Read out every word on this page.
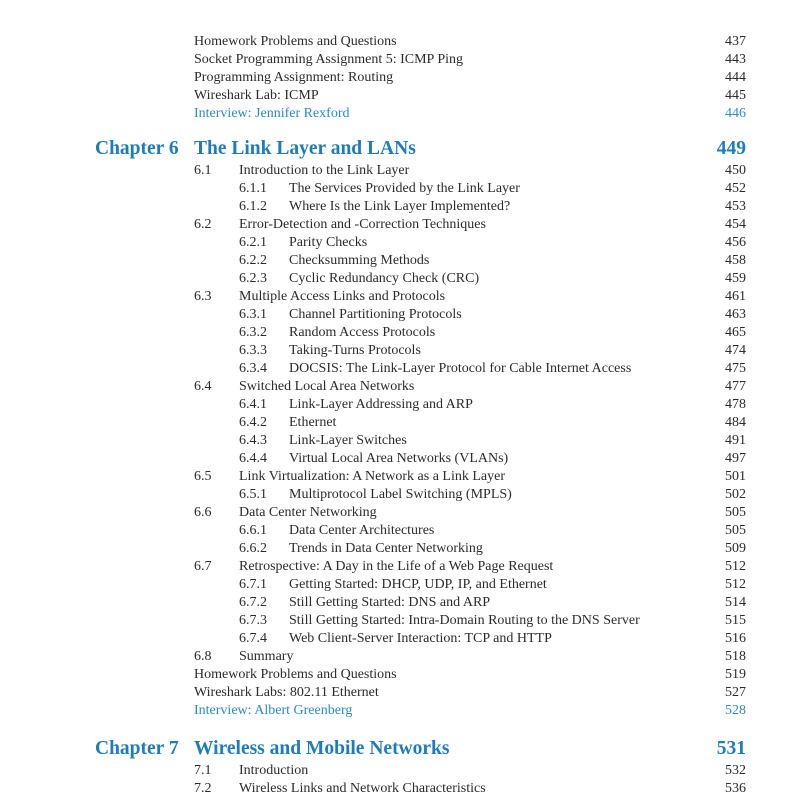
Homework Problems and Questions	437
Socket Programming Assignment 5: ICMP Ping	443
Programming Assignment: Routing	444
Wireshark Lab: ICMP	445
Interview: Jennifer Rexford	446
Chapter 6 The Link Layer and LANs	449
6.1 Introduction to the Link Layer	450
6.1.1 The Services Provided by the Link Layer	452
6.1.2 Where Is the Link Layer Implemented?	453
6.2 Error-Detection and -Correction Techniques	454
6.2.1 Parity Checks	456
6.2.2 Checksumming Methods	458
6.2.3 Cyclic Redundancy Check (CRC)	459
6.3 Multiple Access Links and Protocols	461
6.3.1 Channel Partitioning Protocols	463
6.3.2 Random Access Protocols	465
6.3.3 Taking-Turns Protocols	474
6.3.4 DOCSIS: The Link-Layer Protocol for Cable Internet Access	475
6.4 Switched Local Area Networks	477
6.4.1 Link-Layer Addressing and ARP	478
6.4.2 Ethernet	484
6.4.3 Link-Layer Switches	491
6.4.4 Virtual Local Area Networks (VLANs)	497
6.5 Link Virtualization: A Network as a Link Layer	501
6.5.1 Multiprotocol Label Switching (MPLS)	502
6.6 Data Center Networking	505
6.6.1 Data Center Architectures	505
6.6.2 Trends in Data Center Networking	509
6.7 Retrospective: A Day in the Life of a Web Page Request	512
6.7.1 Getting Started: DHCP, UDP, IP, and Ethernet	512
6.7.2 Still Getting Started: DNS and ARP	514
6.7.3 Still Getting Started: Intra-Domain Routing to the DNS Server	515
6.7.4 Web Client-Server Interaction: TCP and HTTP	516
6.8 Summary	518
Homework Problems and Questions	519
Wireshark Labs: 802.11 Ethernet	527
Interview: Albert Greenberg	528
Chapter 7 Wireless and Mobile Networks	531
7.1 Introduction	532
7.2 Wireless Links and Network Characteristics	536
